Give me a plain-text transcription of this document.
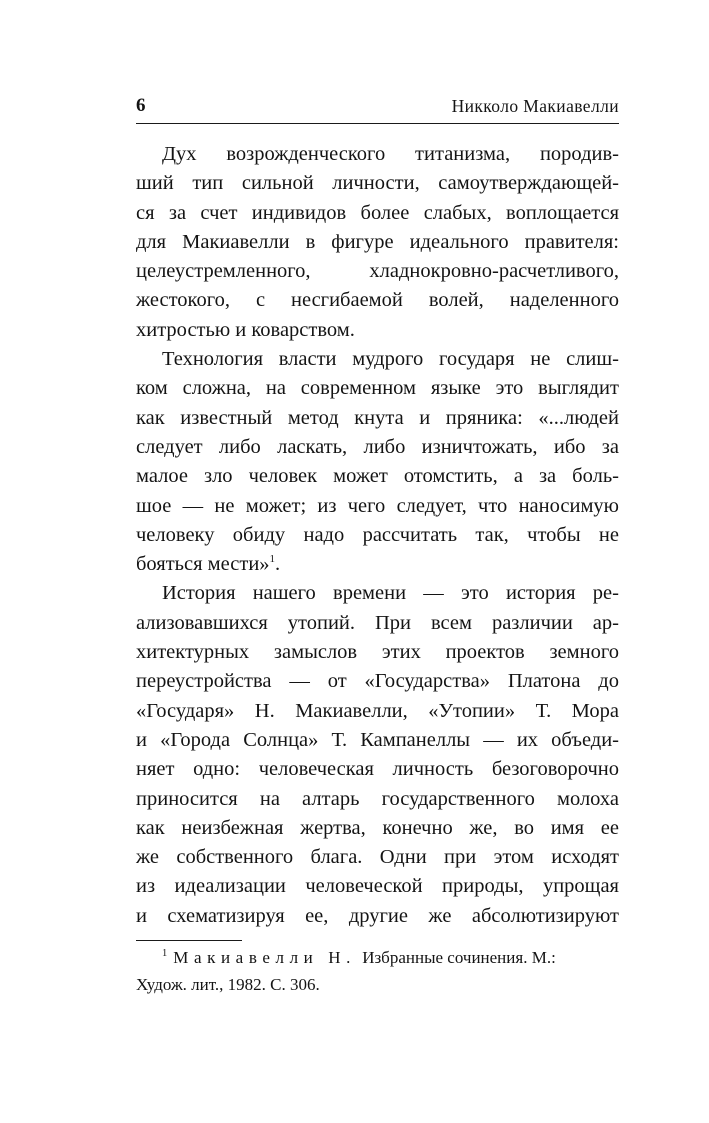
6	Никколо Макиавелли
Дух возрожденческого титанизма, породив-
ший тип сильной личности, самоутверждающей-
ся за счет индивидов более слабых, воплощается
для Макиавелли в фигуре идеального правителя:
целеустремленного, хладнокровно-расчетливого,
жестокого, с несгибаемой волей, наделенного
хитростью и коварством.
Технология власти мудрого государя не слиш-
ком сложна, на современном языке это выглядит
как известный метод кнута и пряника: «...людей
следует либо ласкать, либо изничтожать, ибо за
малое зло человек может отомстить, а за боль-
шое — не может; из чего следует, что наносимую
человеку обиду надо рассчитать так, чтобы не
бояться мести»$^1$.
История нашего времени — это история ре-
ализовавшихся утопий. При всем различии ар-
хитектурных замыслов этих проектов земного
переустройства — от «Государства» Платона до
«Государя» Н. Макиавелли, «Утопии» Т. Мора
и «Города Солнца» Т. Кампанеллы — их объеди-
няет одно: человеческая личность безоговорочно
приносится на алтарь государственного молоха
как неизбежная жертва, конечно же, во имя ее
же собственного блага. Одни при этом исходят
из идеализации человеческой природы, упрощая
и схематизируя ее, другие же абсолютизируют
$^1$ Макиавелли Н. Избранные сочинения. М.:
Худож. лит., 1982. С. 306.
